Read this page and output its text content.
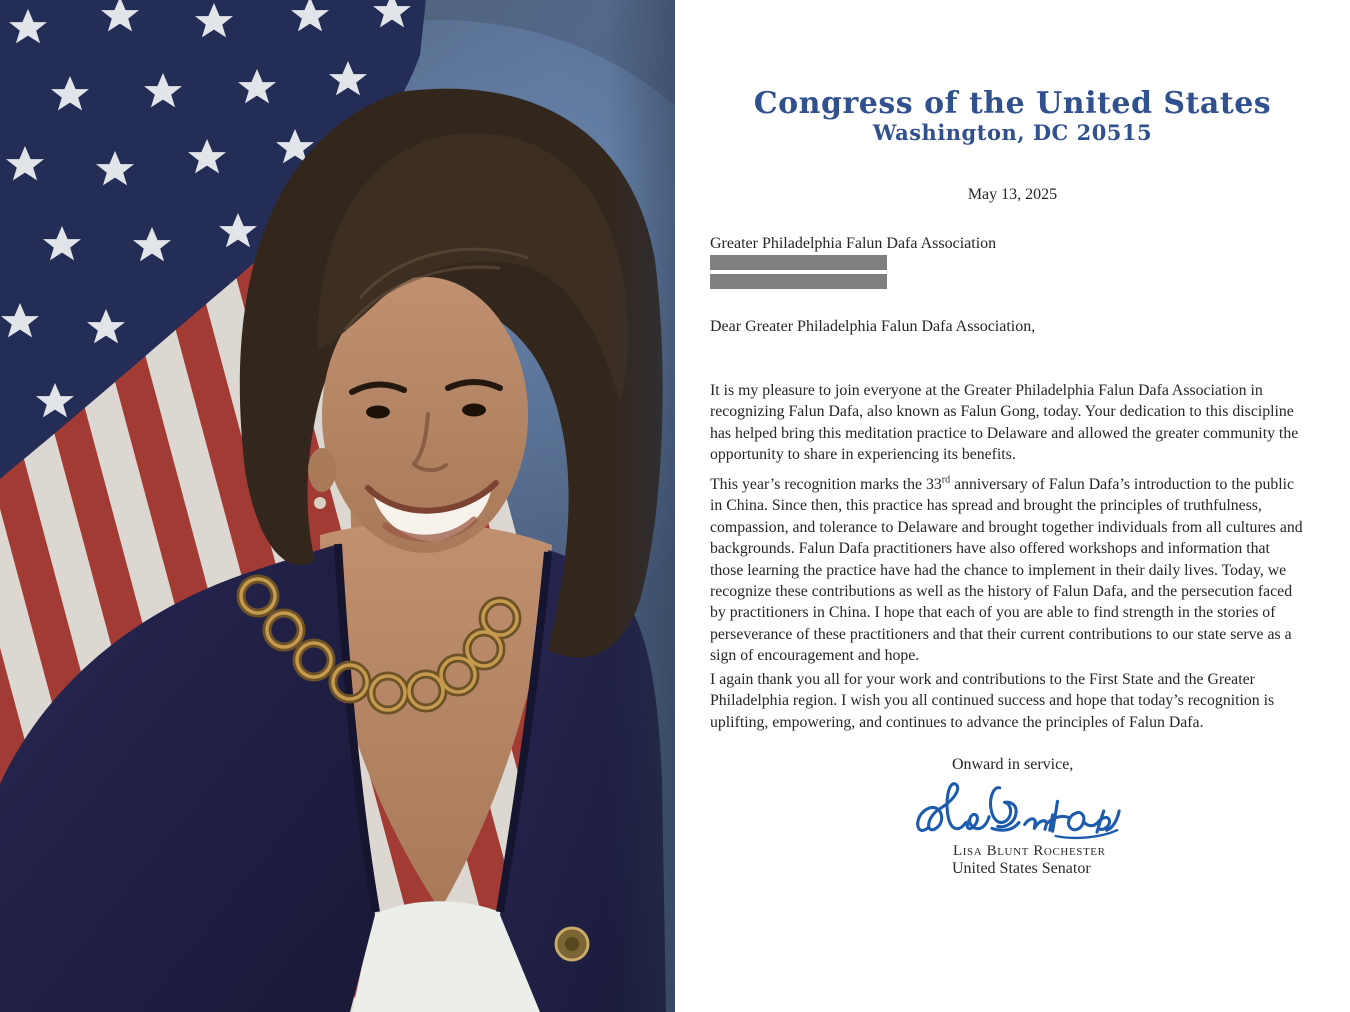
Congress of the United States
Washington, DC 20515
May 13, 2025
Greater Philadelphia Falun Dafa Association
Dear Greater Philadelphia Falun Dafa Association,
It is my pleasure to join everyone at the Greater Philadelphia Falun Dafa Association in recognizing Falun Dafa, also known as Falun Gong, today. Your dedication to this discipline has helped bring this meditation practice to Delaware and allowed the greater community the opportunity to share in experiencing its benefits.
This year’s recognition marks the 33rd anniversary of Falun Dafa’s introduction to the public in China. Since then, this practice has spread and brought the principles of truthfulness, compassion, and tolerance to Delaware and brought together individuals from all cultures and backgrounds. Falun Dafa practitioners have also offered workshops and information that those learning the practice have had the chance to implement in their daily lives. Today, we recognize these contributions as well as the history of Falun Dafa, and the persecution faced by practitioners in China. I hope that each of you are able to find strength in the stories of perseverance of these practitioners and that their current contributions to our state serve as a sign of encouragement and hope.
I again thank you all for your work and contributions to the First State and the Greater Philadelphia region. I wish you all continued success and hope that today’s recognition is uplifting, empowering, and continues to advance the principles of Falun Dafa.
Onward in service,
Lisa Blunt Rochester
United States Senator
